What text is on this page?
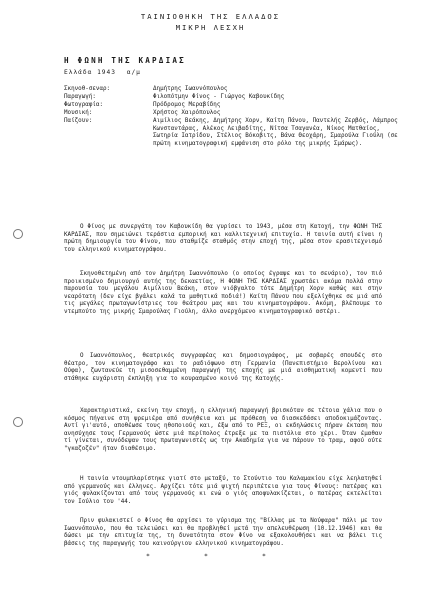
ΤΑΙΝΙΟΘΗΚΗ ΤΗΣ ΕΛΛΑΔΟΣ
ΜΙΚΡΗ ΛΕΣΧΗ
Η ΦΩΝΗ ΤΗΣ ΚΑΡΔΙΑΣ
Ελλάδα 1943 α/μ
Σκηνοθ-σεναρ:	Δημήτρης Ιωαννόπουλος
Παραγωγή:	Φιλοπότμην Φίνος - Γιώργος Καβουκίδης
Φωτογραφία:	Πρόδρομος Μεραβίδης
Μουσική:	Χρήστος Χαιρόπουλος
Παίζουν:	Αιμίλιος Βεάκης, Δημήτρης Χορν, Καίτη Πάνου, Παντελής Ζερβός, Λάμπρος Κωνσταντάρας, Αλέκος Λειβαδίτης, Νίτσα Τσαγανέα, Νίκος Ματθαίος, Σωτηρία Ιατρίδου, Στέλιος Βόκοβιτς, Βάνα Θεοχάρη, Σμαρούλα Γιούλη (σε πρώτη κινηματογραφική εμφάνιση στο ρόλο της μικρής Σμάρως).

Ο Φίνος με συνεργάτη τον Καβουκίδη θα γυρίσει το 1943, μέσα στη Κατοχή, την ΦΩΝΗ ΤΗΣ ΚΑΡΔΙΑΣ, που σημειώνει τεράστια εμπορική και καλλιτεχνική επιτυχία. Η ταινία αυτή είναι η πρώτη δημιουργία του Φίνου, που σταθμίζε σταθμός στην εποχή της, μέσα στον ερασιτεχνισμό του ελληνικού κινηματογράφου.

Σκηνοθετημένη από τον Δημήτρη Ιωαννόπουλο (ο οποίος έγραψε και το σενάριο), τον πιό προικισμένο δημιουργό αυτής της δεκαετίας, Η ΦΩΝΗ ΤΗΣ ΚΑΡΔΙΑΣ χρωστάει ακόμα πολλά στην παρουσία του μεγάλου Αιμίλιου Βεάκη, στον νιόβγαλτο τότε Δημήτρη Χορν καθώς και στην νεαρότατη (δεν είχε βγάλει καλά τα μαθητικά ποδιά!) Καίτη Πάνου που εξελίχθηκε σε μιά από τις μεγάλες πρωταγωνίστριες του θεάτρου μας και του κινηματογράφου. Ακόμη, βλέπουμε το ντεμπούτο της μικρής Σμαρούλας Γιούλη, άλλο ανερχόμενο κινηματογραφικό αστέρι.

Ο Ιωαννόπουλος, θεατρικός συγγραφέας και δημοσιογράφος, με σοβαρές σπουδές στο θέατρο, τον κινηματογράφο και το ραδιόφωνο στη Γερμανία (Πανεπιστήμιο Βερολίνου και Ούφα), ζωντανεύε τη μισοσεθαμμένη παραγωγή της εποχής με μιά αισθηματική κομεντί που στάθηκε ευχάριστη έκπληξη για το κουρασμένο κοινό της Κατοχής.

Χαρακτηριστικά, εκείνη την εποχή, η ελληνική παραγωγή βρισκόταν σε τέτοια χάλια που ο κόσμος πήγαινε στη ψρεμιέρα από συνήθεια και με πρόθεση να διασκεδάσει αποδοκιμάζοντας. Αντί γι'αυτό, αποθέωσε τους ηθοποιούς και, έξω από το ΡΕΞ, οι εκδηλώσεις πήραν έκταση που ανησύχησε τους Γερμανούς ώστε μιά περίπολος έτρεξε με τα πιστόλια στο χέρι. Όταν έμαθαν τί γίνεται, συνόδεψαν τους πρωταγωνιστές ως την Ακαδημία για να πάρουν το τραμ, αφού ούτε "γκαζοζέν" ήταν διαθέσιμο.

Η ταινία ντουμπλαρίστηκε γιατί στο μεταξύ, το Στούντιο του Καλαμακίου είχε λεηλατηθεί από γερμανούς και έλληνες. Αρχίζει τότε μιά ψιχτή περιπέτεια για τους Φίνους: πατέρας και γιός φυλακίζονται από τους γερμανούς κι ενώ ο γιός αποφυλακίζεται, ο πατέρας εκτελείται τον Ιούλιο του '44.

Πριν φυλακιστεί ο Φίνος θα αρχίσει το γύρισμα της "Βίλλας με τα Νούφαρα" πάλι με τον Ιωαννόπουλο, που θα τελειώσει και θα προβληθεί μετά την απελευθέρωση (10.12.1946) και θα δώσει με την επιτυχία της, τη δυνατότητα στον Φίνο να εξακολουθήσει και να βάλει τις βάσεις της παραγωγής του καινούργιου ελληνικού κινηματογράφου.

*	*	*
